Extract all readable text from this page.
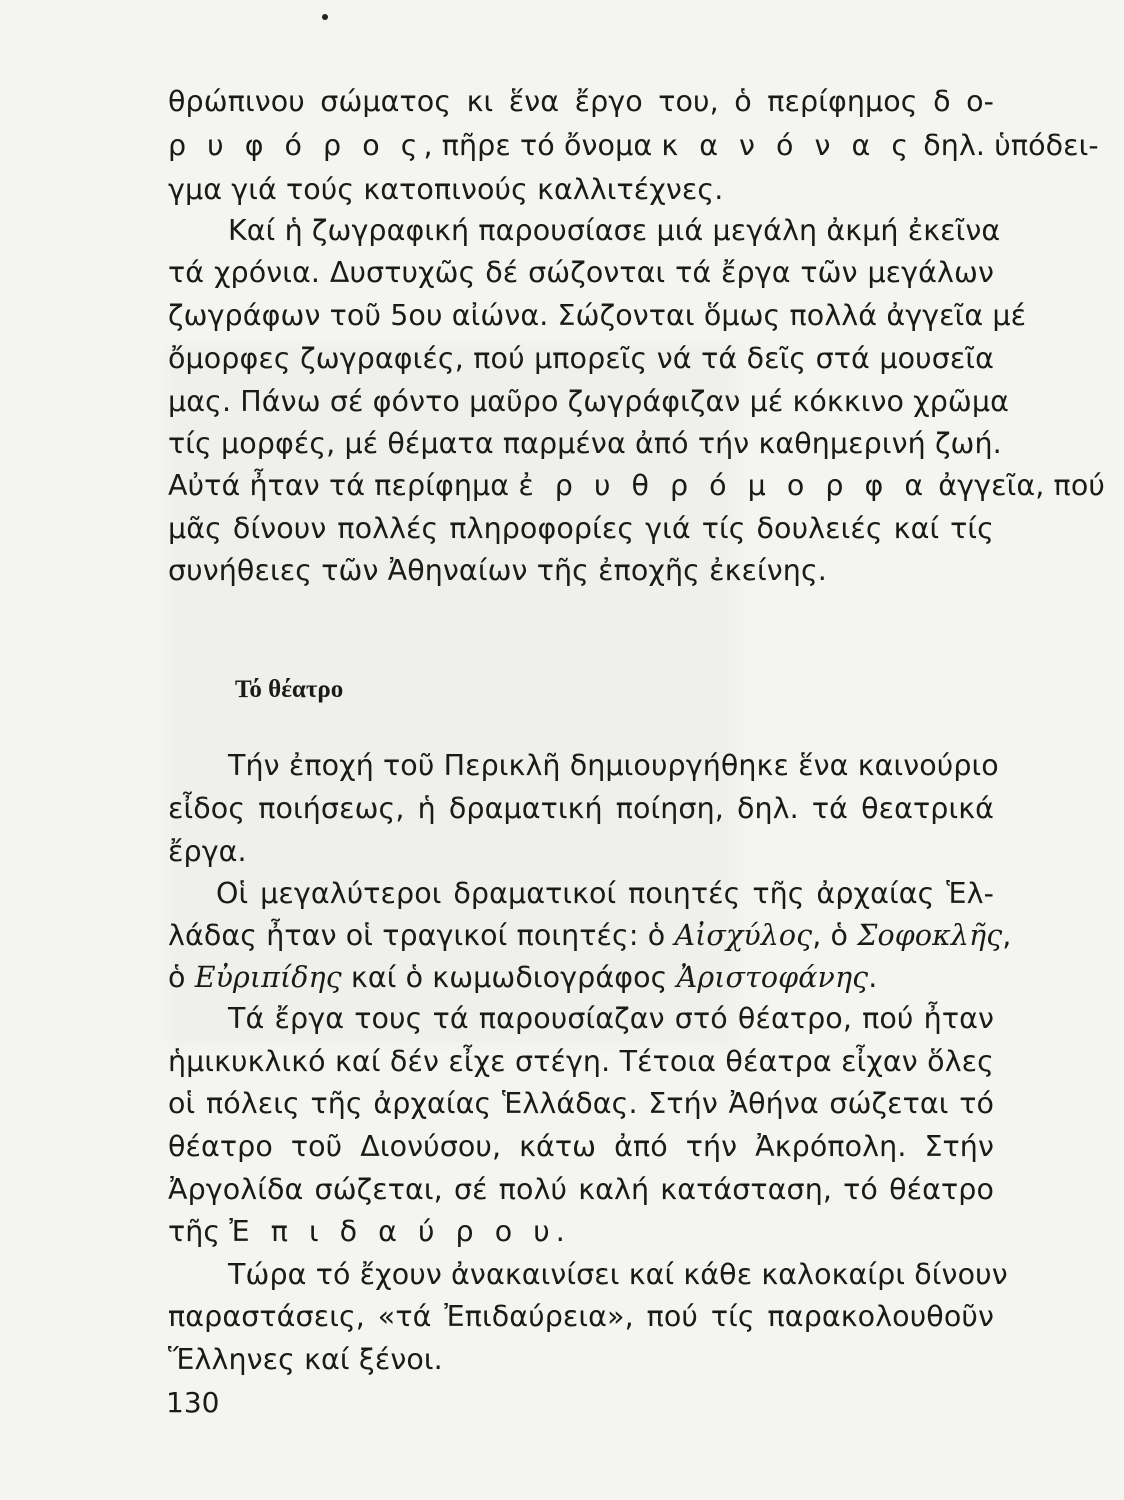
θρώπινου σώματος κι ἕνα ἔργο του, ὁ περίφημος δ ο-
ρ υ φ ό ρ ο ς, πῆρε τό ὄνομα κ α ν ό ν α ς δηλ. ὑπόδει-
γμα γιά τούς κατοπινούς καλλιτέχνες.
Καί ἡ ζωγραφική παρουσίασε μιά μεγάλη ἀκμή ἐκεῖνα
τά χρόνια. Δυστυχῶς δέ σώζονται τά ἔργα τῶν μεγάλων
ζωγράφων τοῦ 5ου αἰώνα. Σώζονται ὅμως πολλά ἀγγεῖα μέ
ὄμορφες ζωγραφιές, πού μπορεῖς νά τά δεῖς στά μουσεῖα
μας. Πάνω σέ φόντο μαῦρο ζωγράφιζαν μέ κόκκινο χρῶμα
τίς μορφές, μέ θέματα παρμένα ἀπό τήν καθημερινή ζωή.
Αὐτά ἦταν τά περίφημα ἐ ρ υ θ ρ ό μ ο ρ φ α ἀγγεῖα, πού
μᾶς δίνουν πολλές πληροφορίες γιά τίς δουλειές καί τίς
συνήθειες τῶν Ἀθηναίων τῆς ἐποχῆς ἐκείνης.
Τό θέατρο
Τήν ἐποχή τοῦ Περικλῆ δημιουργήθηκε ἕνα καινούριο
εἶδος ποιήσεως, ἡ δραματική ποίηση, δηλ. τά θεατρικά
ἔργα.
Οἱ μεγαλύτεροι δραματικοί ποιητές τῆς ἀρχαίας Ἑλ-
λάδας ἦταν οἱ τραγικοί ποιητές: ὁ Αἰσχύλος, ὁ Σοφοκλῆς,
ὁ Εὐριπίδης καί ὁ κωμωδιογράφος Ἀριστοφάνης.
Τά ἔργα τους τά παρουσίαζαν στό θέατρο, πού ἦταν
ἡμικυκλικό καί δέν εἶχε στέγη. Τέτοια θέατρα εἶχαν ὅλες
οἱ πόλεις τῆς ἀρχαίας Ἑλλάδας. Στήν Ἀθήνα σώζεται τό
θέατρο τοῦ Διονύσου, κάτω ἀπό τήν Ἀκρόπολη. Στήν
Ἀργολίδα σώζεται, σέ πολύ καλή κατάσταση, τό θέατρο
τῆς Ἐ π ι δ α ύ ρ ο υ.
Τώρα τό ἔχουν ἀνακαινίσει καί κάθε καλοκαίρι δίνουν
παραστάσεις, «τά Ἐπιδαύρεια», πού τίς παρακολουθοῦν
Ἕλληνες καί ξένοι.
130
